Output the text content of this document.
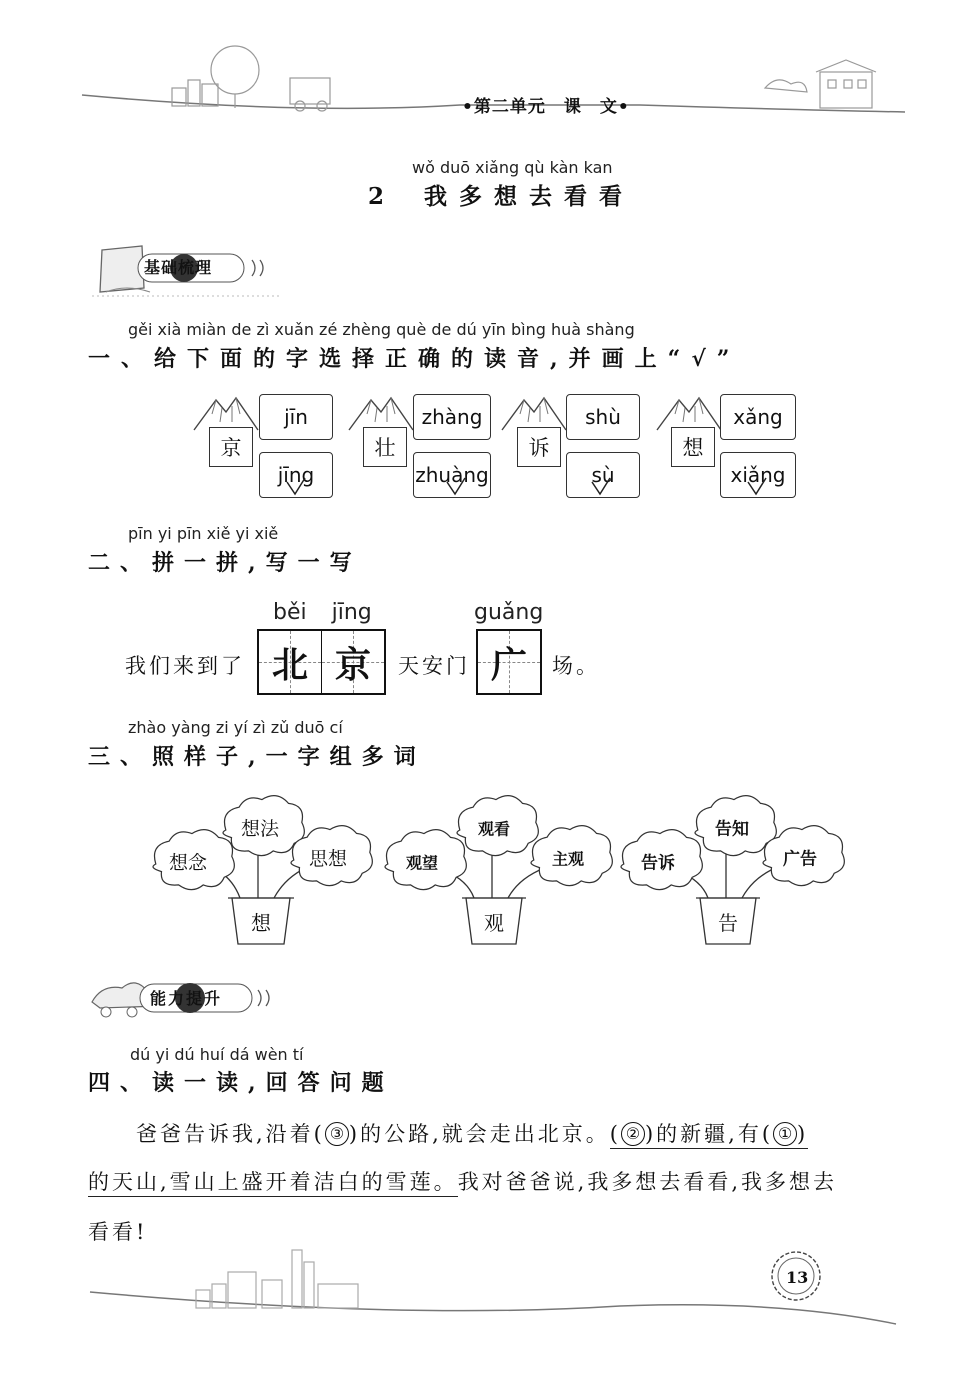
•第二单元　课　文•
wǒ duō xiǎng qù kàn kan
2 我多想去看看
基础梳理
gěi xià miàn de zì xuǎn zé zhèng què de dú yīn bìng huà shàng
一、给下面的字选择正确的读音,并画上“√”
京
jīn
jīng
壮
zhàng
zhuàng
诉
shù
sù
想
xǎng
xiǎng
pīn yi pīn xiě yi xiě
二、拼一拼,写一写
我们来到了
běi jīng
北 京 天安门
guǎng
广 场。
zhào yàng zi yí zì zǔ duō cí
三、照样子,一字组多词
想念
想法
思想	观望
观看
主观	告诉
告知
广告
想	观	告
能力提升
dú yi dú huí dá wèn tí
四、读一读,回答问题
爸爸告诉我,沿着( ③ )的公路,就会走出北京。( ② )的新疆,有( ① )
的天山,雪山上盛开着洁白的雪莲。我对爸爸说,我多想去看看,我多想去
看看!
13
